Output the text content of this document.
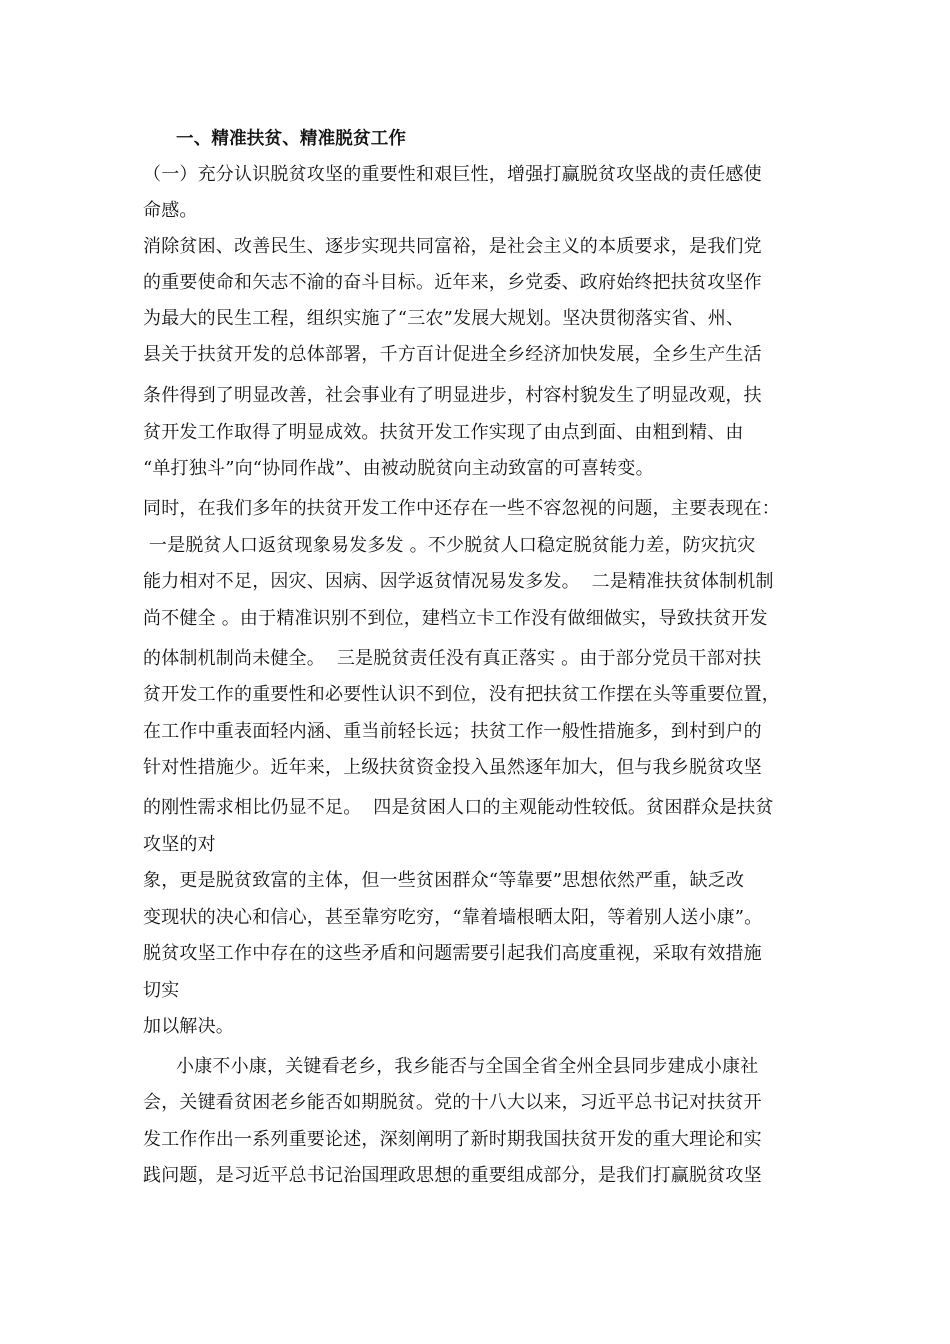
一、精准扶贫、精准脱贫工作
（一）充分认识脱贫攻坚的重要性和艰巨性，增强打赢脱贫攻坚战的责任感使
命感。
消除贫困、改善民生、逐步实现共同富裕，是社会主义的本质要求，是我们党
的重要使命和矢志不渝的奋斗目标。近年来，乡党委、政府始终把扶贫攻坚作
为最大的民生工程，组织实施了“三农”发展大规划。坚决贯彻落实省、州、
县关于扶贫开发的总体部署，千方百计促进全乡经济加快发展，全乡生产生活
条件得到了明显改善，社会事业有了明显进步，村容村貌发生了明显改观，扶
贫开发工作取得了明显成效。扶贫开发工作实现了由点到面、由粗到精、由
“单打独斗”向“协同作战”、由被动脱贫向主动致富的可喜转变。
同时，在我们多年的扶贫开发工作中还存在一些不容忽视的问题，主要表现在：
一是脱贫人口返贫现象易发多发 。不少脱贫人口稳定脱贫能力差，防灾抗灾
能力相对不足，因灾、因病、因学返贫情况易发多发。  二是精准扶贫体制机制
尚不健全 。由于精准识别不到位，建档立卡工作没有做细做实，导致扶贫开发
的体制机制尚未健全。  三是脱贫责任没有真正落实 。由于部分党员干部对扶
贫开发工作的重要性和必要性认识不到位，没有把扶贫工作摆在头等重要位置，
在工作中重表面轻内涵、重当前轻长远；扶贫工作一般性措施多，到村到户的
针对性措施少。近年来，上级扶贫资金投入虽然逐年加大，但与我乡脱贫攻坚
的刚性需求相比仍显不足。  四是贫困人口的主观能动性较低。贫困群众是扶贫
攻坚的对
象，更是脱贫致富的主体，但一些贫困群众“等靠要”思想依然严重，缺乏改
变现状的决心和信心，甚至靠穷吃穷，“靠着墙根晒太阳，等着别人送小康”。
脱贫攻坚工作中存在的这些矛盾和问题需要引起我们高度重视，采取有效措施
切实
加以解决。
小康不小康，关键看老乡，我乡能否与全国全省全州全县同步建成小康社
会，关键看贫困老乡能否如期脱贫。党的十八大以来，习近平总书记对扶贫开
发工作作出一系列重要论述，深刻阐明了新时期我国扶贫开发的重大理论和实
践问题，是习近平总书记治国理政思想的重要组成部分，是我们打赢脱贫攻坚
